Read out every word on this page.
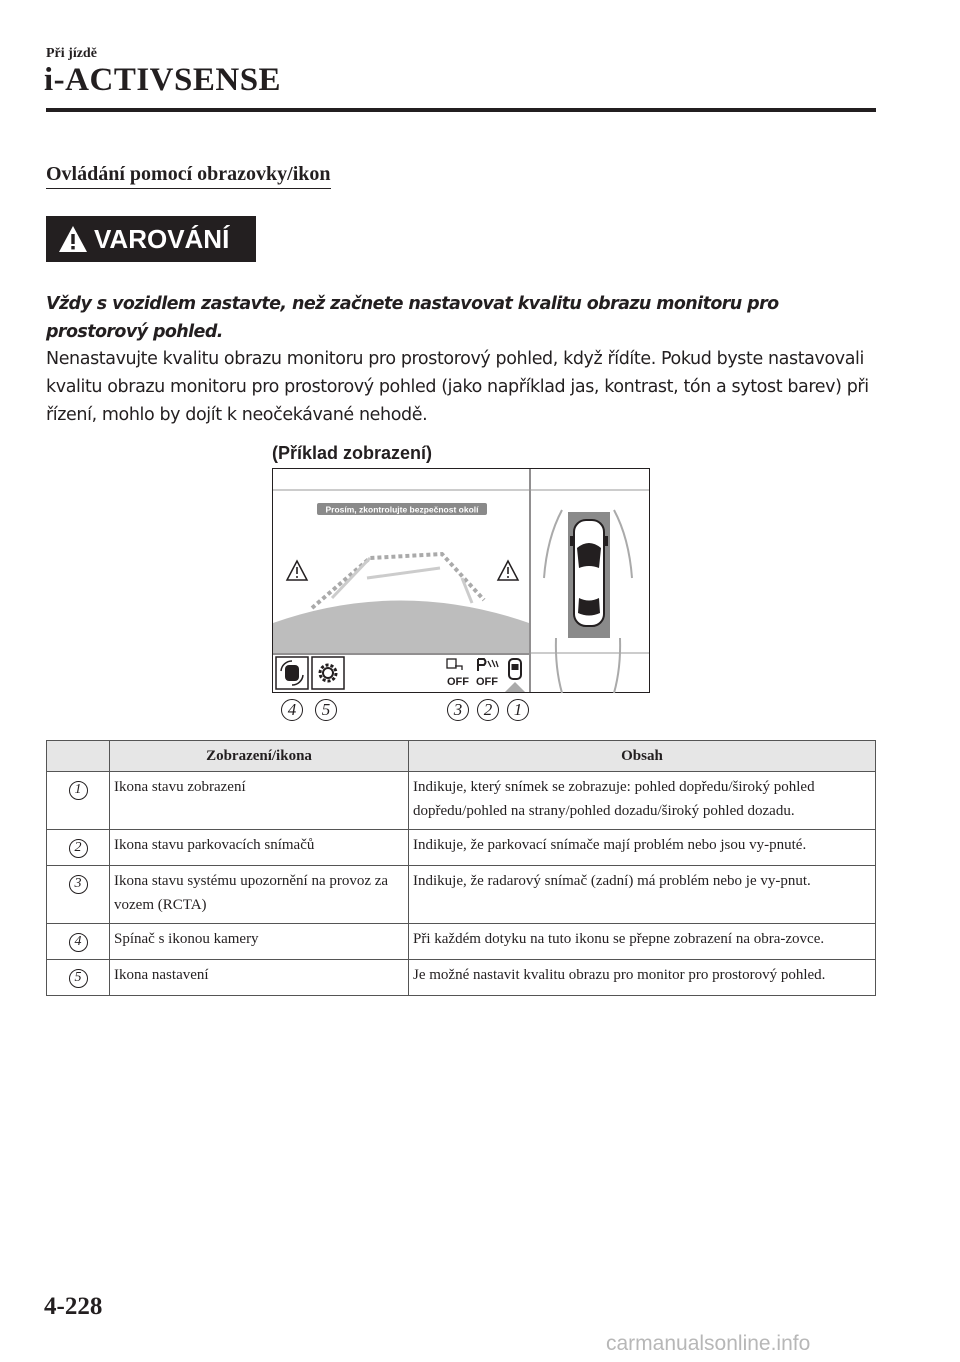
Při jízdě
i-ACTIVSENSE
Ovládání pomocí obrazovky/ikon
VAROVÁNÍ
Vždy s vozidlem zastavte, než začnete nastavovat kvalitu obrazu monitoru pro prostorový pohled.
Nenastavujte kvalitu obrazu monitoru pro prostorový pohled, když řídíte. Pokud byste nastavovali kvalitu obrazu monitoru pro prostorový pohled (jako například jas, kontrast, tón a sytost barev) při řízení, mohlo by dojít k neočekávané nehodě.
(Příklad zobrazení)
Prosím, zkontrolujte bezpečnost okolí
OFF OFF
4	5	3	2	1
	Zobrazení/ikona	Obsah
1	Ikona stavu zobrazení	Indikuje, který snímek se zobrazuje: pohled dopředu/široký pohled dopředu/pohled na strany/pohled dozadu/široký pohled dozadu.
2	Ikona stavu parkovacích snímačů	Indikuje, že parkovací snímače mají problém nebo jsou vy-pnuté.
3	Ikona stavu systému upozornění na provoz za vozem (RCTA)	Indikuje, že radarový snímač (zadní) má problém nebo je vy-pnut.
4	Spínač s ikonou kamery	Při každém dotyku na tuto ikonu se přepne zobrazení na obra-zovce.
5	Ikona nastavení	Je možné nastavit kvalitu obrazu pro monitor pro prostorový pohled.
4-228
carmanualsonline.info
